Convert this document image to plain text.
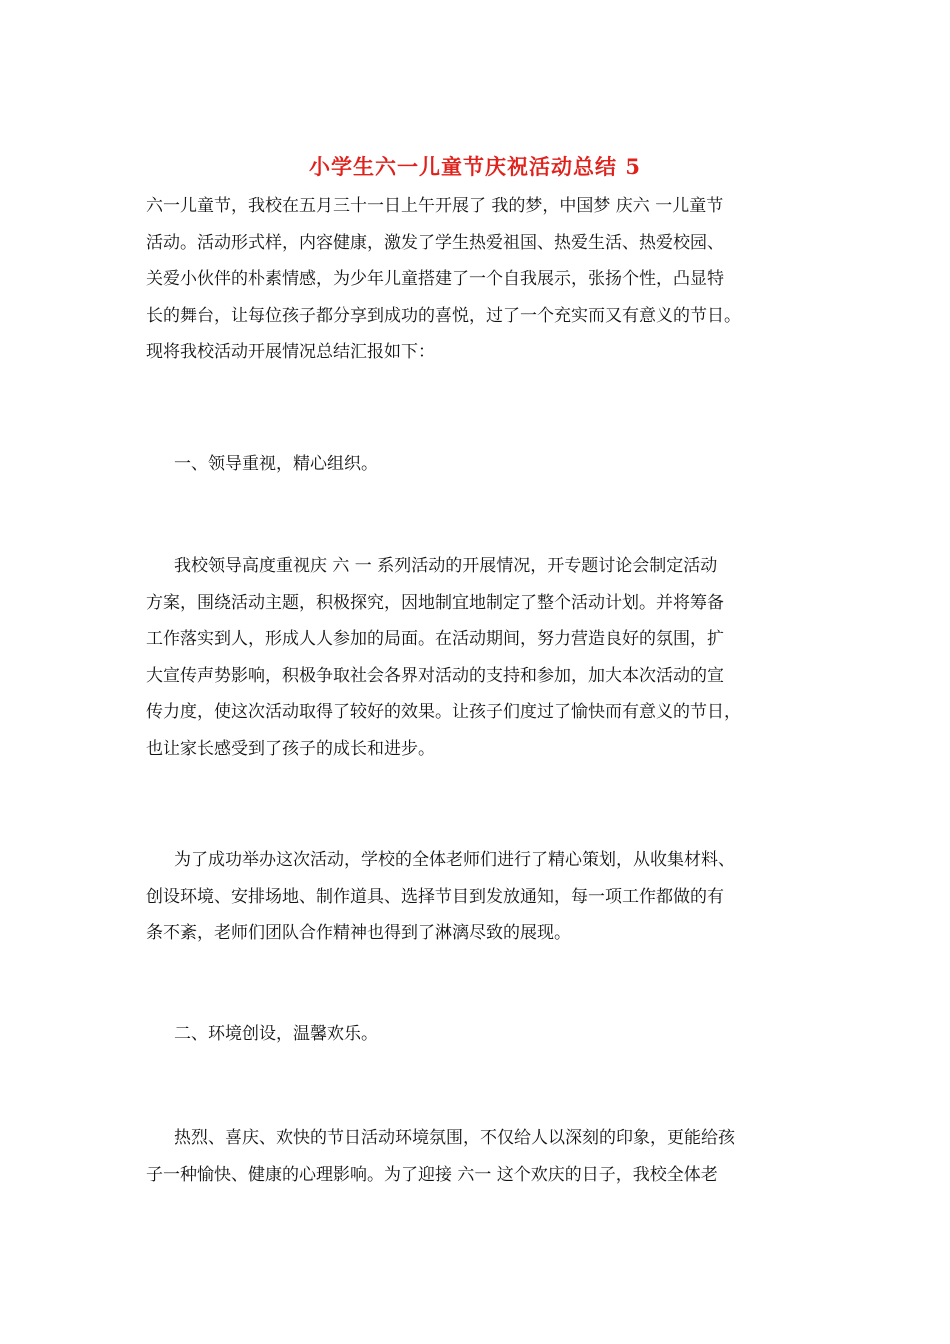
小学生六一儿童节庆祝活动总结 5
六一儿童节，我校在五月三十一日上午开展了 我的梦，中国梦 庆六 一儿童节
活动。活动形式样，内容健康，激发了学生热爱祖国、热爱生活、热爱校园、
关爱小伙伴的朴素情感，为少年儿童搭建了一个自我展示，张扬个性，凸显特
长的舞台，让每位孩子都分享到成功的喜悦，过了一个充实而又有意义的节日。
现将我校活动开展情况总结汇报如下：
一、领导重视，精心组织。
我校领导高度重视庆 六 一 系列活动的开展情况，开专题讨论会制定活动
方案，围绕活动主题，积极探究，因地制宜地制定了整个活动计划。并将筹备
工作落实到人，形成人人参加的局面。在活动期间，努力营造良好的氛围，扩
大宣传声势影响，积极争取社会各界对活动的支持和参加，加大本次活动的宣
传力度，使这次活动取得了较好的效果。让孩子们度过了愉快而有意义的节日，
也让家长感受到了孩子的成长和进步。
为了成功举办这次活动，学校的全体老师们进行了精心策划，从收集材料、
创设环境、安排场地、制作道具、选择节目到发放通知，每一项工作都做的有
条不紊，老师们团队合作精神也得到了淋漓尽致的展现。
二、环境创设，温馨欢乐。
热烈、喜庆、欢快的节日活动环境氛围，不仅给人以深刻的印象，更能给孩
子一种愉快、健康的心理影响。为了迎接 六一 这个欢庆的日子，我校全体老
